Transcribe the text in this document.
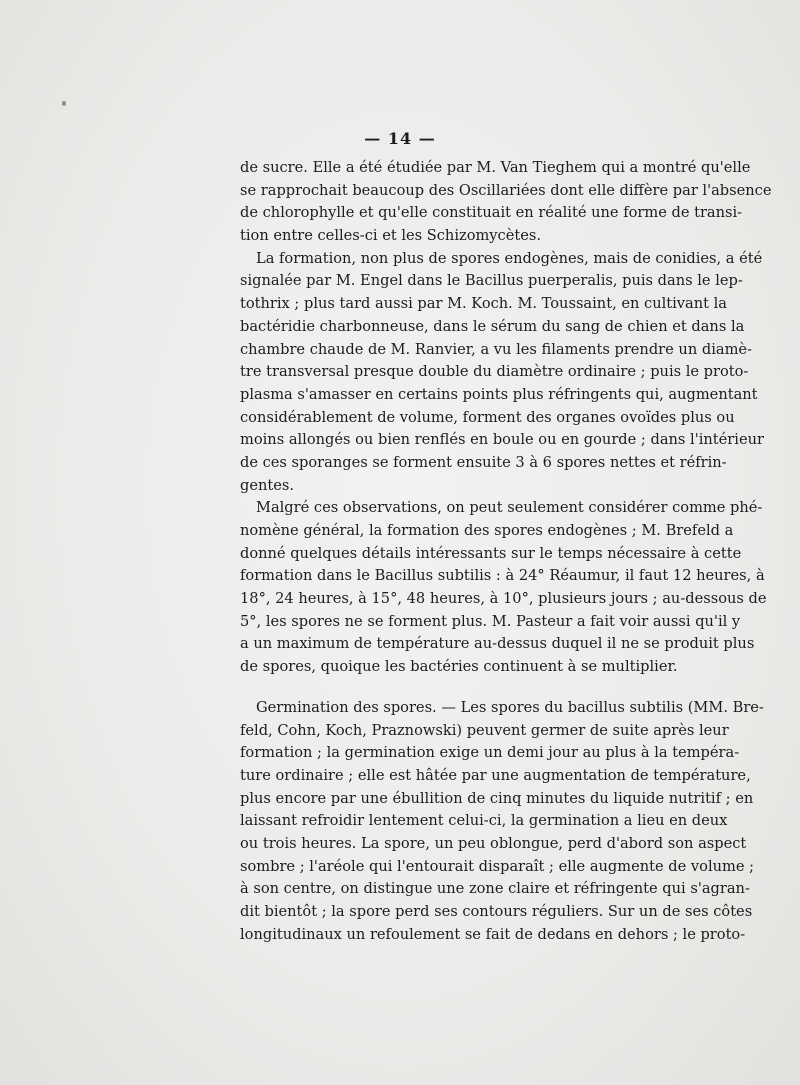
— 14 —
de sucre. Elle a été étudiée par M. Van Tieghem qui a montré qu'elle
se rapprochait beaucoup des Oscillariées dont elle diffère par l'absence
de chlorophylle et qu'elle constituait en réalité une forme de transi-
tion entre celles-ci et les Schizomycètes.
La formation, non plus de spores endogènes, mais de conidies, a été
signalée par M. Engel dans le Bacillus puerperalis, puis dans le lep-
tothrix ; plus tard aussi par M. Koch. M. Toussaint, en cultivant la
bactéridie charbonneuse, dans le sérum du sang de chien et dans la
chambre chaude de M. Ranvier, a vu les filaments prendre un diamè-
tre transversal presque double du diamètre ordinaire ; puis le proto-
plasma s'amasser en certains points plus réfringents qui, augmentant
considérablement de volume, forment des organes ovoïdes plus ou
moins allongés ou bien renflés en boule ou en gourde ; dans l'intérieur
de ces sporanges se forment ensuite 3 à 6 spores nettes et réfrin-
gentes.
Malgré ces observations, on peut seulement considérer comme phé-
nomène général, la formation des spores endogènes ; M. Brefeld a
donné quelques détails intéressants sur le temps nécessaire à cette
formation dans le Bacillus subtilis : à 24° Réaumur, il faut 12 heures, à
18°, 24 heures, à 15°, 48 heures, à 10°, plusieurs jours ; au-dessous de
5°, les spores ne se forment plus. M. Pasteur a fait voir aussi qu'il y
a un maximum de température au-dessus duquel il ne se produit plus
de spores, quoique les bactéries continuent à se multiplier.
Germination des spores. — Les spores du bacillus subtilis (MM. Bre-
feld, Cohn, Koch, Praznowski) peuvent germer de suite après leur
formation ; la germination exige un demi jour au plus à la tempéra-
ture ordinaire ; elle est hâtée par une augmentation de température,
plus encore par une ébullition de cinq minutes du liquide nutritif ; en
laissant refroidir lentement celui-ci, la germination a lieu en deux
ou trois heures. La spore, un peu oblongue, perd d'abord son aspect
sombre ; l'aréole qui l'entourait disparaît ; elle augmente de volume ;
à son centre, on distingue une zone claire et réfringente qui s'agran-
dit bientôt ; la spore perd ses contours réguliers. Sur un de ses côtes
longitudinaux un refoulement se fait de dedans en dehors ; le proto-
